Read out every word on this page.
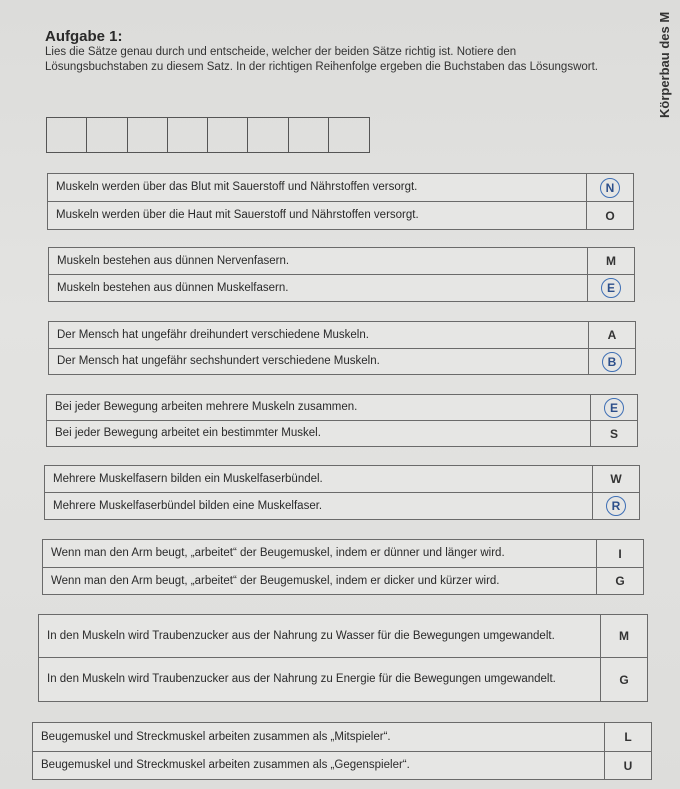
Körperbau des M
Aufgabe 1:
Lies die Sätze genau durch und entscheide, welcher der beiden Sätze richtig ist. Notiere den Lösungsbuchstaben zu diesem Satz. In der richtigen Reihenfolge ergeben die Buchstaben das Lösungswort.
Muskeln werden über das Blut mit Sauerstoff und Nährstoffen versorgt.	N
Muskeln werden über die Haut mit Sauerstoff und Nährstoffen versorgt.	O
Muskeln bestehen aus dünnen Nervenfasern.	M
Muskeln bestehen aus dünnen Muskelfasern.	E
Der Mensch hat ungefähr dreihundert verschiedene Muskeln.	A
Der Mensch hat ungefähr sechshundert verschiedene Muskeln.	B
Bei jeder Bewegung arbeiten mehrere Muskeln zusammen.	E
Bei jeder Bewegung arbeitet ein bestimmter Muskel.	S
Mehrere Muskelfasern bilden ein Muskelfaserbündel.	W
Mehrere Muskelfaserbündel bilden eine Muskelfaser.	R
Wenn man den Arm beugt, „arbeitet“ der Beugemuskel, indem er dünner und länger wird.	I
Wenn man den Arm beugt, „arbeitet“ der Beugemuskel, indem er dicker und kürzer wird.	G
In den Muskeln wird Traubenzucker aus der Nahrung zu Wasser für die Bewegungen umgewandelt.	M
In den Muskeln wird Traubenzucker aus der Nahrung zu Energie für die Bewegungen umgewandelt.	G
Beugemuskel und Streckmuskel arbeiten zusammen als „Mitspieler“.	L
Beugemuskel und Streckmuskel arbeiten zusammen als „Gegenspieler“.	U
